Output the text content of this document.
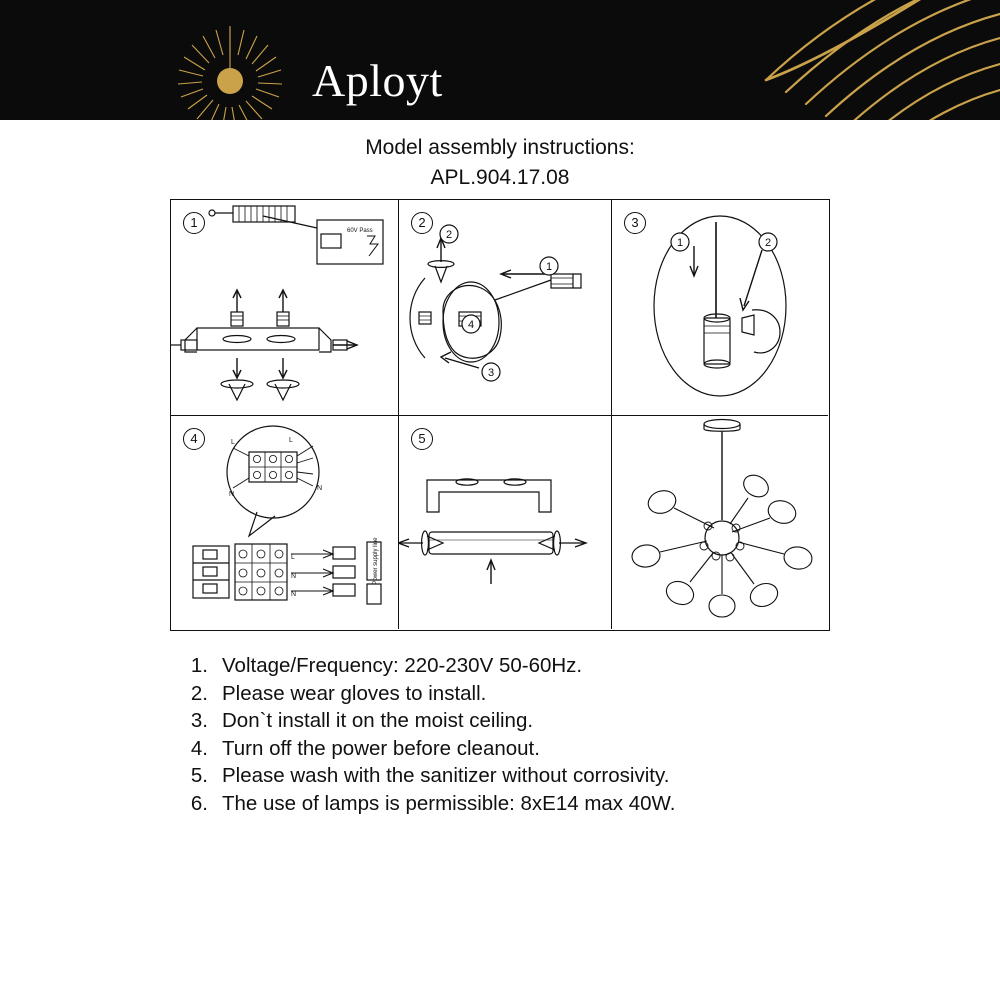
Aployt
Model assembly instructions:
APL.904.17.08
1
60V Pass
2
2
1
4
3
3
1	2
4	L	L
N
N
L
N
N
Power supply line
5
1. Voltage/Frequency: 220-230V 50-60Hz.
2. Please wear gloves to install.
3. Don`t install it on the moist ceiling.
4. Turn off the power before cleanout.
5. Please wash with the sanitizer without corrosivity.
6. The use of lamps is permissible: 8xE14 max 40W.
